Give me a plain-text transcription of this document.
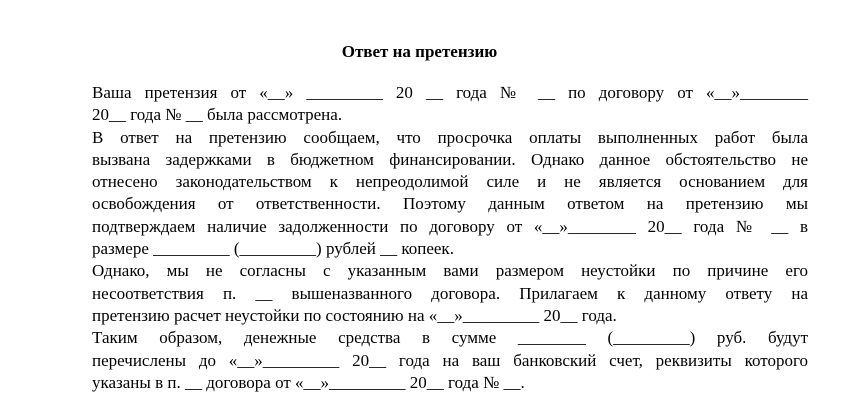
Ответ на претензию

Ваша претензия от «__» _________ 20 __ года № __ по договору от «__»________
20__ года № __ была рассмотрена.

В ответ на претензию сообщаем, что просрочка оплаты выполненных работ была
вызвана задержками в бюджетном финансировании. Однако данное обстоятельство не
отнесено законодательством к непреодолимой силе и не является основанием для
освобождения от ответственности. Поэтому данным ответом на претензию мы
подтверждаем наличие задолженности по договору от «__»________ 20__ года № __ в
размере _________ (_________) рублей __ копеек.

Однако, мы не согласны с указанным вами размером неустойки по причине его
несоответствия п. __ вышеназванного договора. Прилагаем к данному ответу на
претензию расчет неустойки по состоянию на «__»_________ 20__ года.

Таким образом, денежные средства в сумме ________ (_________) руб. будут
перечислены до «__»_________ 20__ года на ваш банковский счет, реквизиты которого
указаны в п. __ договора от «__»_________ 20__ года № __.
